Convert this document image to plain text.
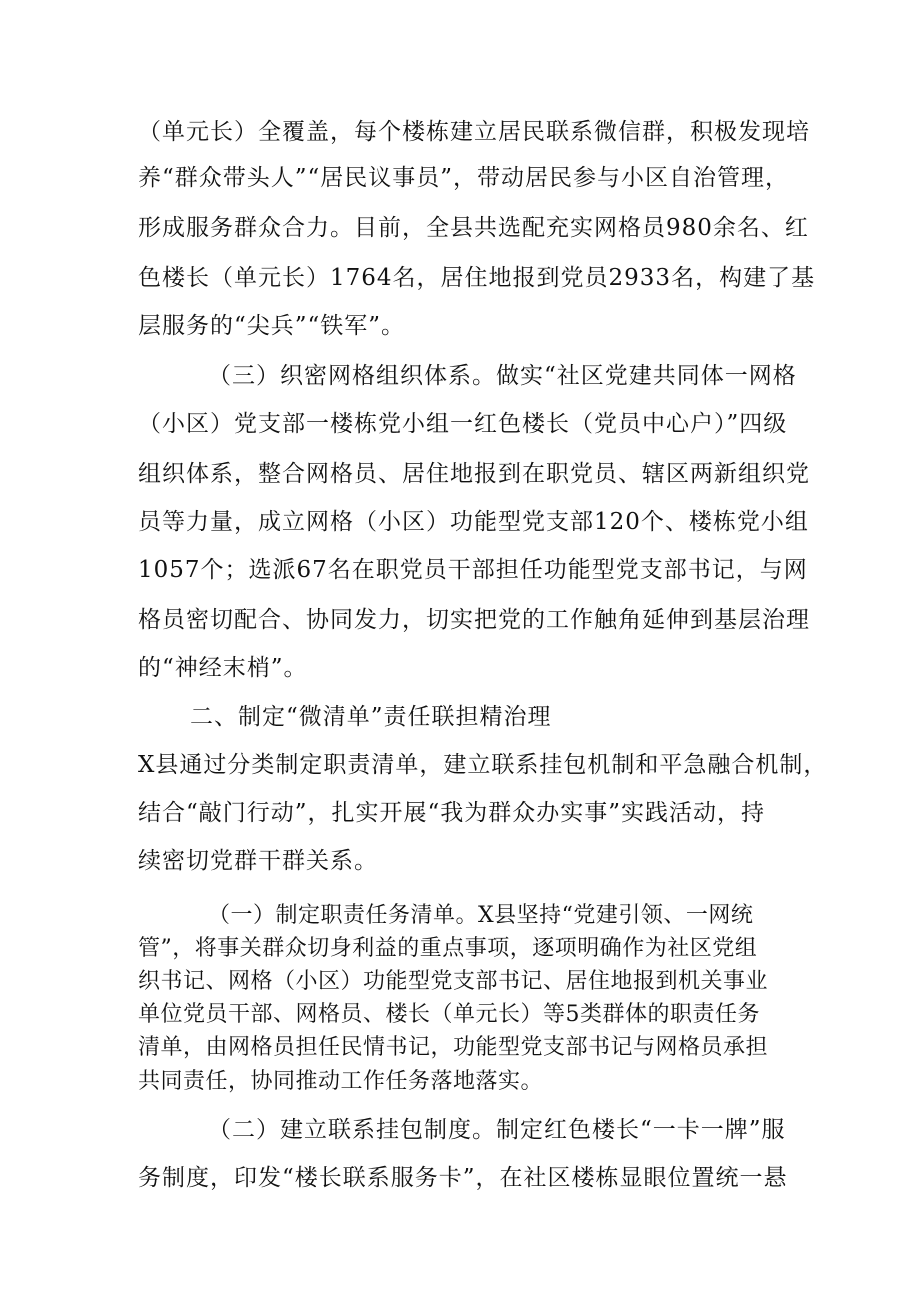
（单元长）全覆盖，每个楼栋建立居民联系微信群，积极发现培
养“群众带头人”“居民议事员”，带动居民参与小区自治管理，
形成服务群众合力。目前，全县共选配充实网格员980余名、红
色楼长（单元长）1764名，居住地报到党员2933名，构建了基
层服务的“尖兵”“铁军”。
（三）织密网格组织体系。做实“社区党建共同体一网格
（小区）党支部一楼栋党小组一红色楼长（党员中心户）”四级
组织体系，整合网格员、居住地报到在职党员、辖区两新组织党
员等力量，成立网格（小区）功能型党支部120个、楼栋党小组
1057个；选派67名在职党员干部担任功能型党支部书记，与网
格员密切配合、协同发力，切实把党的工作触角延伸到基层治理
的“神经末梢”。
二、制定“微清单”责任联担精治理
X县通过分类制定职责清单，建立联系挂包机制和平急融合机制，
结合“敲门行动”，扎实开展“我为群众办实事”实践活动，持
续密切党群干群关系。
（一）制定职责任务清单。X县坚持“党建引领、一网统
管”，将事关群众切身利益的重点事项，逐项明确作为社区党组
织书记、网格（小区）功能型党支部书记、居住地报到机关事业
单位党员干部、网格员、楼长（单元长）等5类群体的职责任务
清单，由网格员担任民情书记，功能型党支部书记与网格员承担
共同责任，协同推动工作任务落地落实。
（二）建立联系挂包制度。制定红色楼长“一卡一牌”服
务制度，印发“楼长联系服务卡”，在社区楼栋显眼位置统一悬
